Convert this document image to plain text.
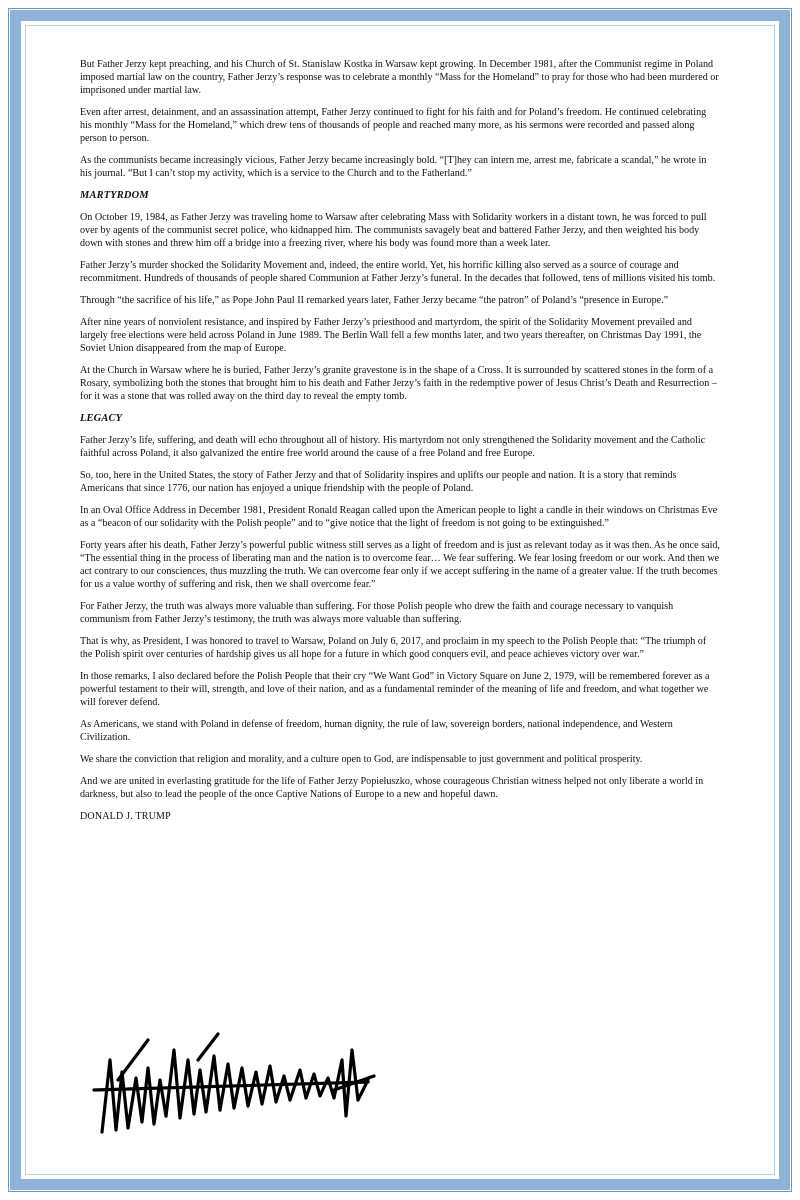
But Father Jerzy kept preaching, and his Church of St. Stanislaw Kostka in Warsaw kept growing. In December 1981, after the Communist regime in Poland imposed martial law on the country, Father Jerzy’s response was to celebrate a monthly “Mass for the Homeland” to pray for those who had been murdered or imprisoned under martial law.

Even after arrest, detainment, and an assassination attempt, Father Jerzy continued to fight for his faith and for Poland’s freedom. He continued celebrating his monthly “Mass for the Homeland,” which drew tens of thousands of people and reached many more, as his sermons were recorded and passed along person to person.

As the communists became increasingly vicious, Father Jerzy became increasingly bold. “[T]hey can intern me, arrest me, fabricate a scandal,” he wrote in his journal. “But I can’t stop my activity, which is a service to the Church and to the Fatherland.”

MARTYRDOM

On October 19, 1984, as Father Jerzy was traveling home to Warsaw after celebrating Mass with Solidarity workers in a distant town, he was forced to pull over by agents of the communist secret police, who kidnapped him. The communists savagely beat and battered Father Jerzy, and then weighted his body down with stones and threw him off a bridge into a freezing river, where his body was found more than a week later.

Father Jerzy’s murder shocked the Solidarity Movement and, indeed, the entire world. Yet, his horrific killing also served as a source of courage and recommitment. Hundreds of thousands of people shared Communion at Father Jerzy’s funeral. In the decades that followed, tens of millions visited his tomb.

Through “the sacrifice of his life,” as Pope John Paul II remarked years later, Father Jerzy became “the patron” of Poland’s “presence in Europe.”

After nine years of nonviolent resistance, and inspired by Father Jerzy’s priesthood and martyrdom, the spirit of the Solidarity Movement prevailed and largely free elections were held across Poland in June 1989. The Berlin Wall fell a few months later, and two years thereafter, on Christmas Day 1991, the Soviet Union disappeared from the map of Europe.

At the Church in Warsaw where he is buried, Father Jerzy’s granite gravestone is in the shape of a Cross. It is surrounded by scattered stones in the form of a Rosary, symbolizing both the stones that brought him to his death and Father Jerzy’s faith in the redemptive power of Jesus Christ’s Death and Resurrection – for it was a stone that was rolled away on the third day to reveal the empty tomb.

LEGACY

Father Jerzy’s life, suffering, and death will echo throughout all of history. His martyrdom not only strengthened the Solidarity movement and the Catholic faithful across Poland, it also galvanized the entire free world around the cause of a free Poland and free Europe.

So, too, here in the United States, the story of Father Jerzy and that of Solidarity inspires and uplifts our people and nation. It is a story that reminds Americans that since 1776, our nation has enjoyed a unique friendship with the people of Poland.

In an Oval Office Address in December 1981, President Ronald Reagan called upon the American people to light a candle in their windows on Christmas Eve as a “beacon of our solidarity with the Polish people” and to “give notice that the light of freedom is not going to be extinguished.”

Forty years after his death, Father Jerzy’s powerful public witness still serves as a light of freedom and is just as relevant today as it was then. As he once said, “The essential thing in the process of liberating man and the nation is to overcome fear… We fear suffering. We fear losing freedom or our work. And then we act contrary to our consciences, thus muzzling the truth. We can overcome fear only if we accept suffering in the name of a greater value. If the truth becomes for us a value worthy of suffering and risk, then we shall overcome fear.”

For Father Jerzy, the truth was always more valuable than suffering. For those Polish people who drew the faith and courage necessary to vanquish communism from Father Jerzy’s testimony, the truth was always more valuable than suffering.

That is why, as President, I was honored to travel to Warsaw, Poland on July 6, 2017, and proclaim in my speech to the Polish People that: “The triumph of the Polish spirit over centuries of hardship gives us all hope for a future in which good conquers evil, and peace achieves victory over war.”

In those remarks, I also declared before the Polish People that their cry “We Want God” in Victory Square on June 2, 1979, will be remembered forever as a powerful testament to their will, strength, and love of their nation, and as a fundamental reminder of the meaning of life and freedom, and what together we will forever defend.

As Americans, we stand with Poland in defense of freedom, human dignity, the rule of law, sovereign borders, national independence, and Western Civilization.

We share the conviction that religion and morality, and a culture open to God, are indispensable to just government and political prosperity.

And we are united in everlasting gratitude for the life of Father Jerzy Popiełuszko, whose courageous Christian witness helped not only liberate a world in darkness, but also to lead the people of the once Captive Nations of Europe to a new and hopeful dawn.

DONALD J. TRUMP
